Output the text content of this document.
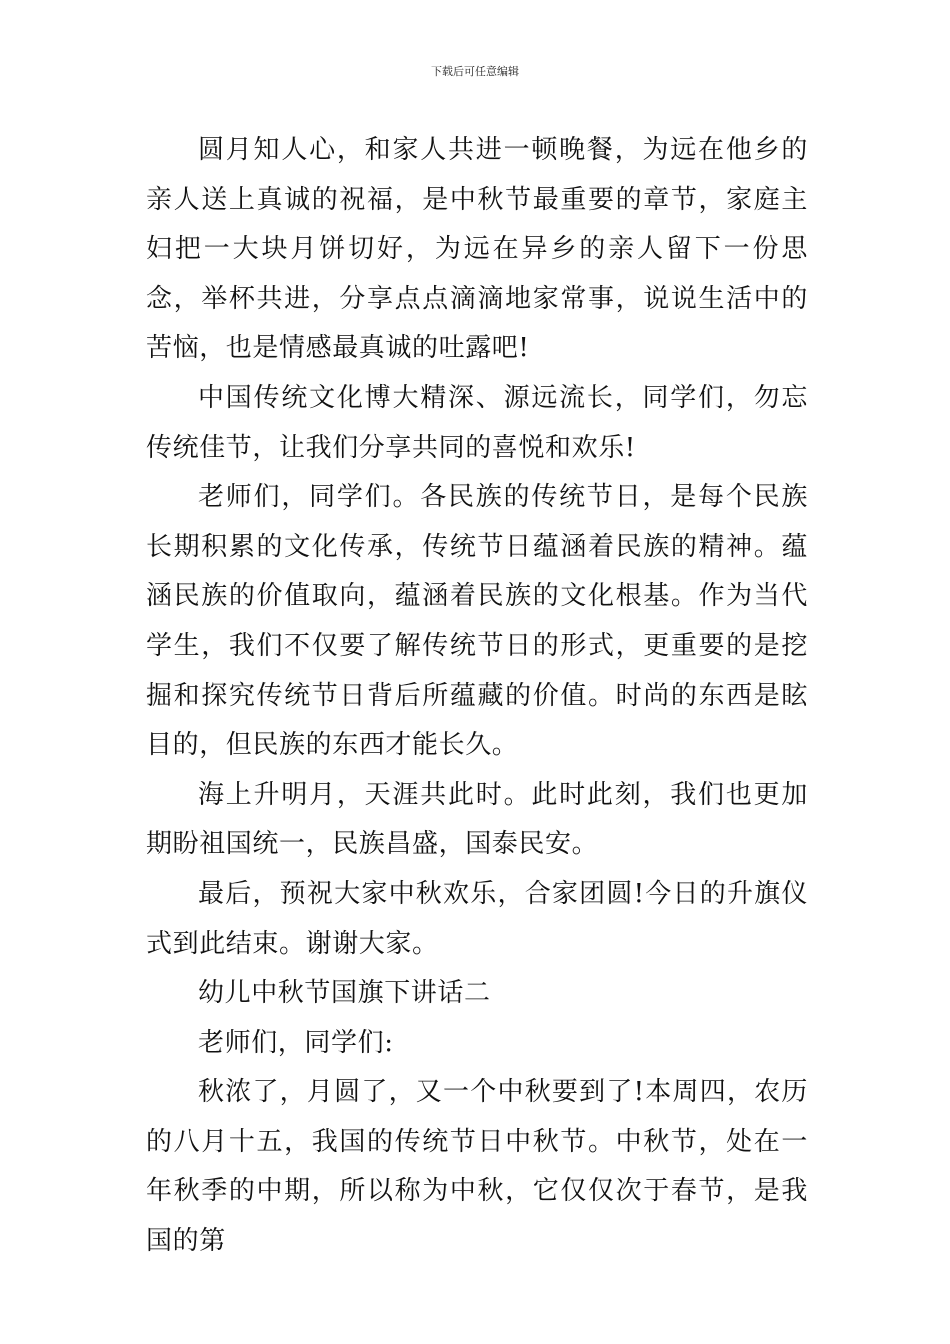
下载后可任意编辑

圆月知人心，和家人共进一顿晚餐，为远在他乡的亲人送上真诚的祝福，是中秋节最重要的章节，家庭主妇把一大块月饼切好，为远在异乡的亲人留下一份思念，举杯共进，分享点点滴滴地家常事，说说生活中的苦恼，也是情感最真诚的吐露吧!

中国传统文化博大精深、源远流长，同学们，勿忘传统佳节，让我们分享共同的喜悦和欢乐!

老师们，同学们。各民族的传统节日，是每个民族长期积累的文化传承，传统节日蕴涵着民族的精神。蕴涵民族的价值取向，蕴涵着民族的文化根基。作为当代学生，我们不仅要了解传统节日的形式，更重要的是挖掘和探究传统节日背后所蕴藏的价值。时尚的东西是眩目的，但民族的东西才能长久。

海上升明月，天涯共此时。此时此刻，我们也更加期盼祖国统一，民族昌盛，国泰民安。

最后，预祝大家中秋欢乐，合家团圆!今日的升旗仪式到此结束。谢谢大家。

幼儿中秋节国旗下讲话二

老师们，同学们:

秋浓了，月圆了，又一个中秋要到了!本周四，农历的八月十五，我国的传统节日中秋节。中秋节，处在一年秋季的中期，所以称为中秋，它仅仅次于春节，是我国的第
